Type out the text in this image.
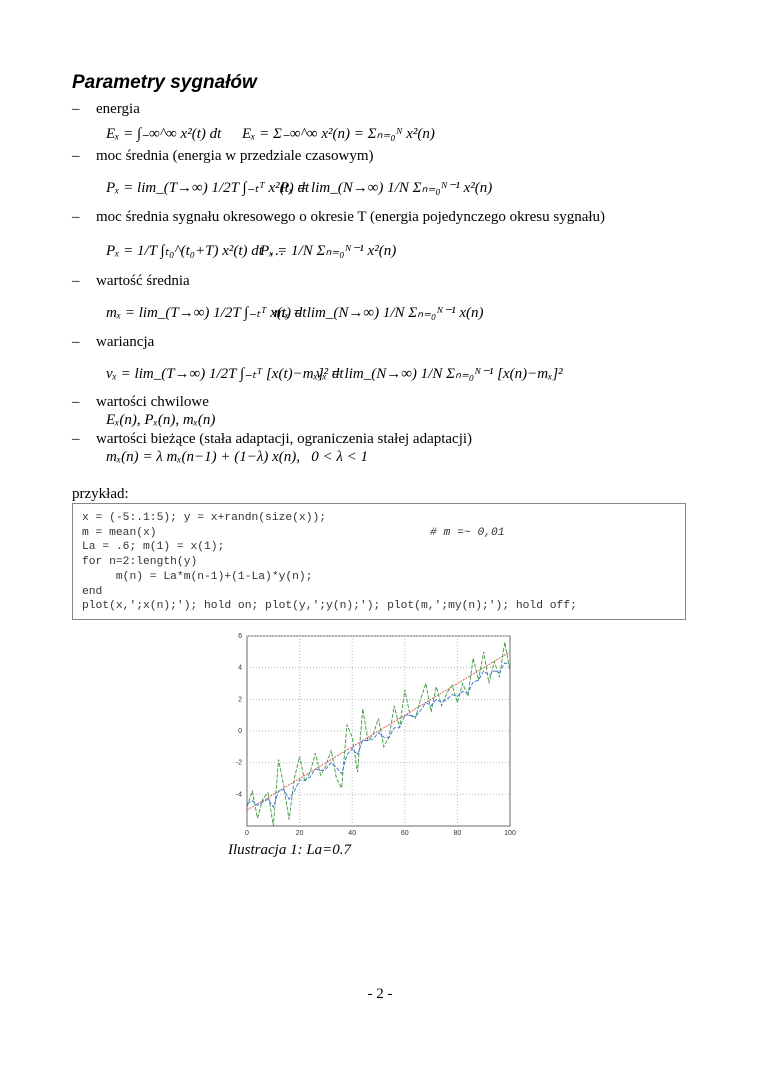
Parametry sygnałów
– energia
Eₓ = ∫₋∞^∞ x²(t) dt Eₓ = Σ₋∞^∞ x²(n) = Σₙ₌₀ᴺ x²(n)
– moc średnia (energia w przedziale czasowym)
Pₓ = lim_(T→∞) 1/2T ∫₋ₜᵀ x²(t) dt
Pₓ = lim_(N→∞) 1/N Σₙ₌₀ᴺ⁻¹ x²(n)
– moc średnia sygnału okresowego o okresie T (energia pojedynczego okresu sygnału)
Pₓ = 1/T ∫ₜ₀^(t₀+T) x²(t) dt  …
Pₓ = 1/N Σₙ₌₀ᴺ⁻¹ x²(n)
– wartość średnia
mₓ = lim_(T→∞) 1/2T ∫₋ₜᵀ x(t) dt
mₓ = lim_(N→∞) 1/N Σₙ₌₀ᴺ⁻¹ x(n)
– wariancja
vₓ = lim_(T→∞) 1/2T ∫₋ₜᵀ [x(t)−mₓ]² dt
vₓ = lim_(N→∞) 1/N Σₙ₌₀ᴺ⁻¹ [x(n)−mₓ]²
– wartości chwilowe
Eₓ(n), Pₓ(n), mₓ(n)
– wartości bieżące (stała adaptacji, ograniczenia stałej adaptacji)
mₓ(n) = λ mₓ(n−1) + (1−λ) x(n),   0 < λ < 1
przykład:
x = (-5:.1:5); y = x+randn(size(x));
m = mean(x)	# m =~ 0,01
La = .6; m(1) = x(1);
for n=2:length(y)
m(n) = La*m(n-1)+(1-La)*y(n);
end
plot(x,';x(n);'); hold on; plot(y,';y(n);'); plot(m,';my(n);'); hold off;
0	20	40	60	80	100
6
4
2
0
-2
-4
Ilustracja 1: La=0.7
- 2 -
